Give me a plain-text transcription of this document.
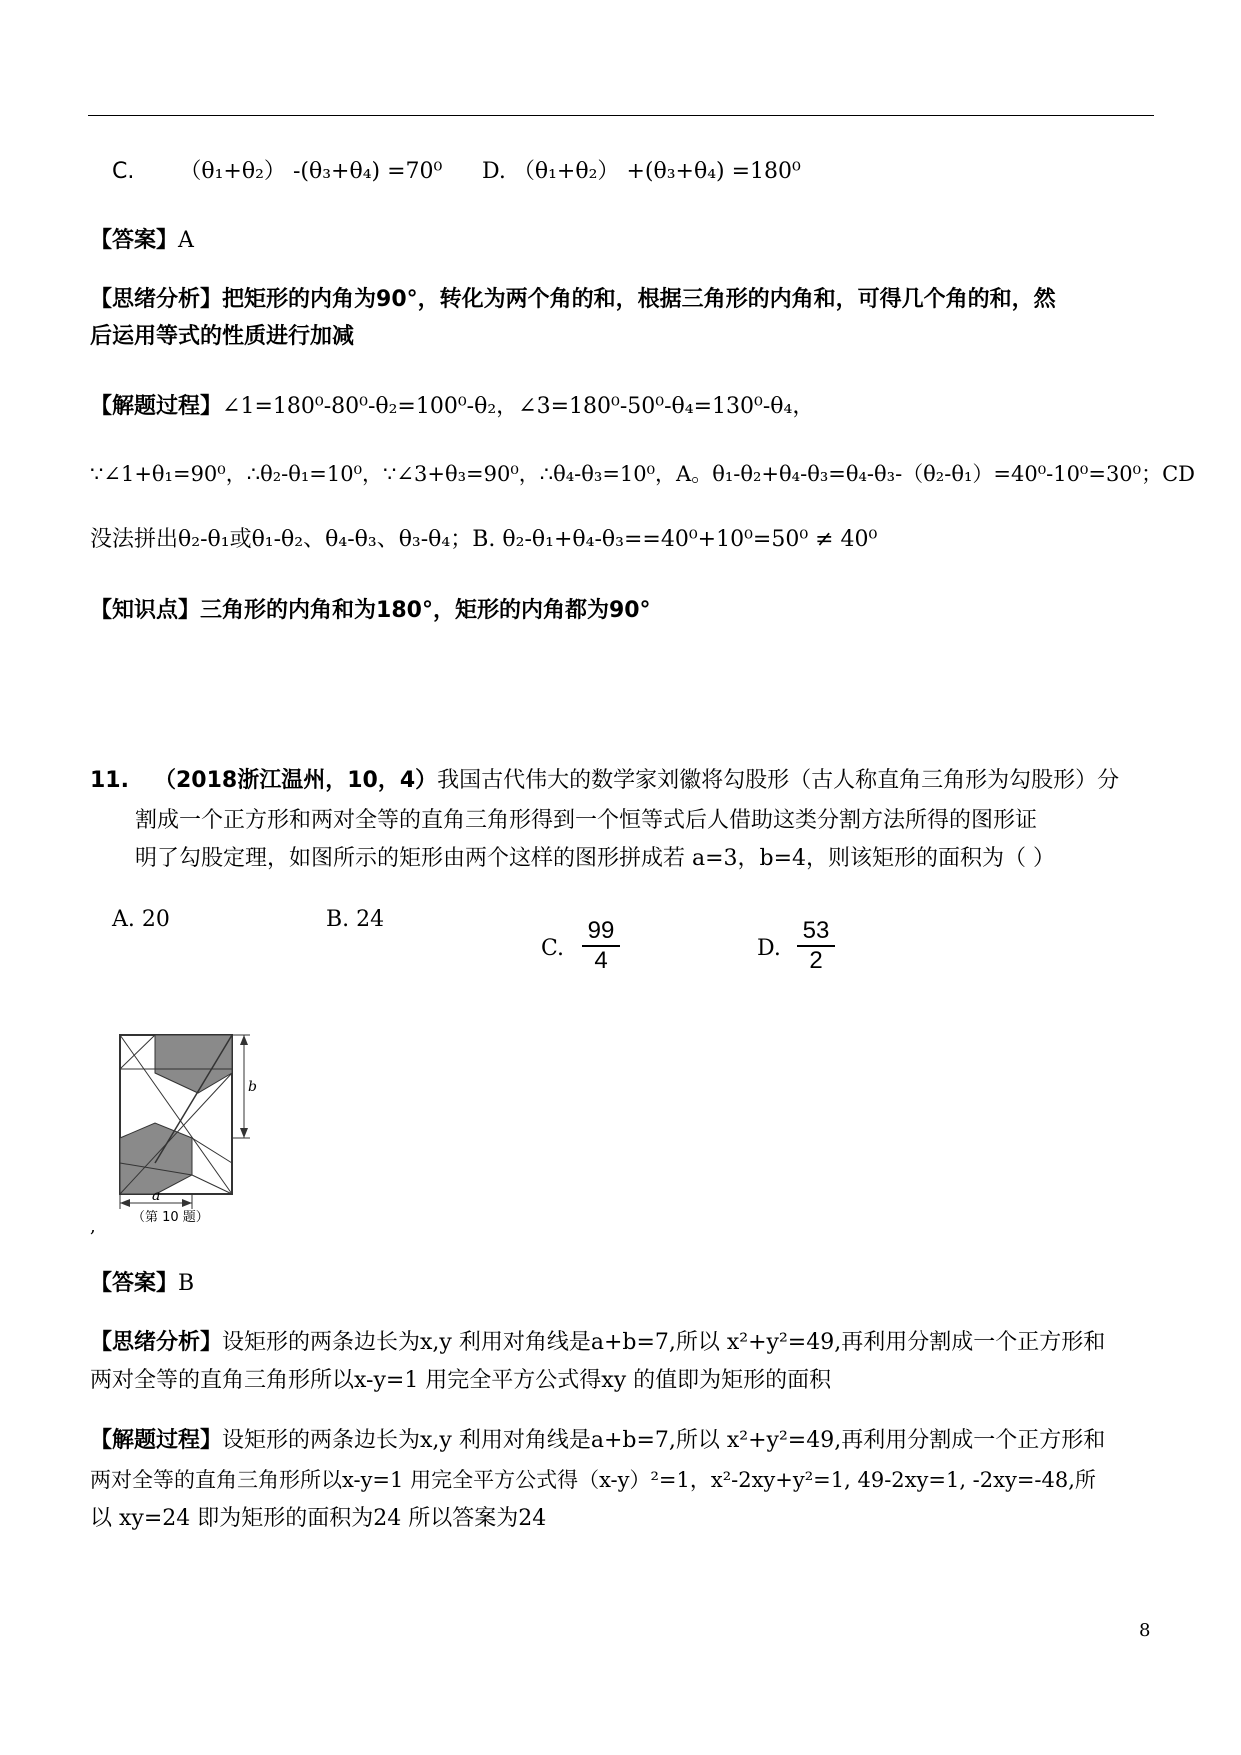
C. （θ₁+θ₂） -(θ₃+θ₄) =70⁰ D. （θ₁+θ₂） +(θ₃+θ₄) =180⁰
【答案】A
【思绪分析】把矩形的内角为90°，转化为两个角的和，根据三角形的内角和，可得几个角的和，然
后运用等式的性质进行加减
【解题过程】∠1=180⁰-80⁰-θ₂=100⁰-θ₂，∠3=180⁰-50⁰-θ₄=130⁰-θ₄，
∵∠1+θ₁=90⁰，∴θ₂-θ₁=10⁰，∵∠3+θ₃=90⁰，∴θ₄-θ₃=10⁰，A。θ₁-θ₂+θ₄-θ₃=θ₄-θ₃-（θ₂-θ₁）=40⁰-10⁰=30⁰；CD
没法拼出θ₂-θ₁或θ₁-θ₂、θ₄-θ₃、θ₃-θ₄；B. θ₂-θ₁+θ₄-θ₃==40⁰+10⁰=50⁰ ≠ 40⁰
【知识点】三角形的内角和为180°，矩形的内角都为90°
11. （2018浙江温州，10，4）我国古代伟大的数学家刘徽将勾股形（古人称直角三角形为勾股形）分
割成一个正方形和两对全等的直角三角形得到一个恒等式后人借助这类分割方法所得的图形证
明了勾股定理，如图所示的矩形由两个这样的图形拼成若 a=3，b=4，则该矩形的面积为（ ）
A. 20	B. 24
C. $\frac{99}{4}$	D. $\frac{53}{2}$
b
a
（第 10 题）
,
【答案】B
【思绪分析】设矩形的两条边长为x,y 利用对角线是a+b=7,所以 x²+y²=49,再利用分割成一个正方形和
两对全等的直角三角形所以x-y=1 用完全平方公式得xy 的值即为矩形的面积
【解题过程】设矩形的两条边长为x,y 利用对角线是a+b=7,所以 x²+y²=49,再利用分割成一个正方形和
两对全等的直角三角形所以x-y=1 用完全平方公式得（x-y）²=1，x²-2xy+y²=1, 49-2xy=1, -2xy=-48,所
以 xy=24 即为矩形的面积为24 所以答案为24
8
